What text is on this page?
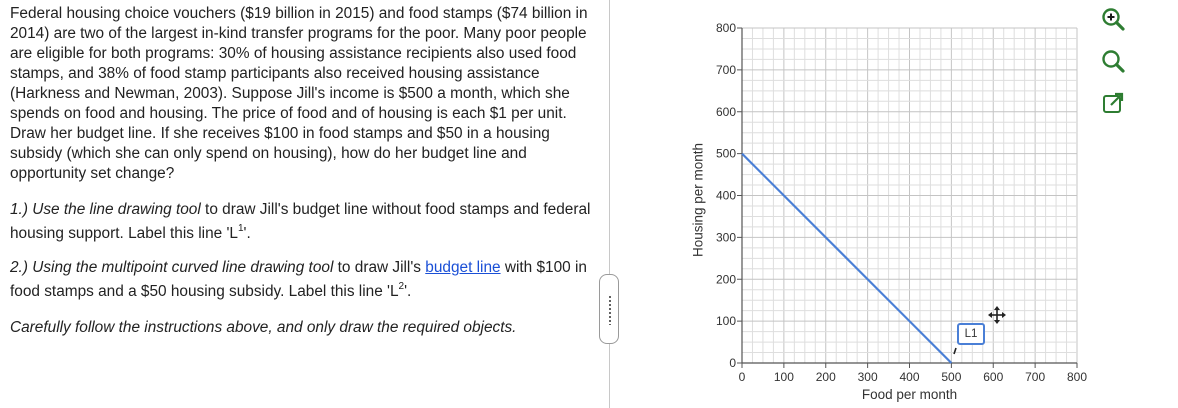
Federal housing choice vouchers ($19 billion in 2015) and food stamps ($74 billion in 2014) are two of the largest in-kind transfer programs for the poor. Many poor people are eligible for both programs: 30% of housing assistance recipients also used food stamps, and 38% of food stamp participants also received housing assistance (Harkness and Newman, 2003). Suppose Jill's income is $500 a month, which she spends on food and housing. The price of food and of housing is each $1 per unit. Draw her budget line. If she receives $100 in food stamps and $50 in a housing subsidy (which she can only spend on housing), how do her budget line and opportunity set change?

1.) Use the line drawing tool to draw Jill's budget line without food stamps and federal housing support. Label this line '$L^1$'.

2.) Using the multipoint curved line drawing tool to draw Jill's budget line with $100 in food stamps and a $50 housing subsidy. Label this line '$L^2$'.

Carefully follow the instructions above, and only draw the required objects.

0 100 200 300 400 500 600 700 800
0
100
200
300
400
500
600
700
800
Food per month
Housing per month
L1
